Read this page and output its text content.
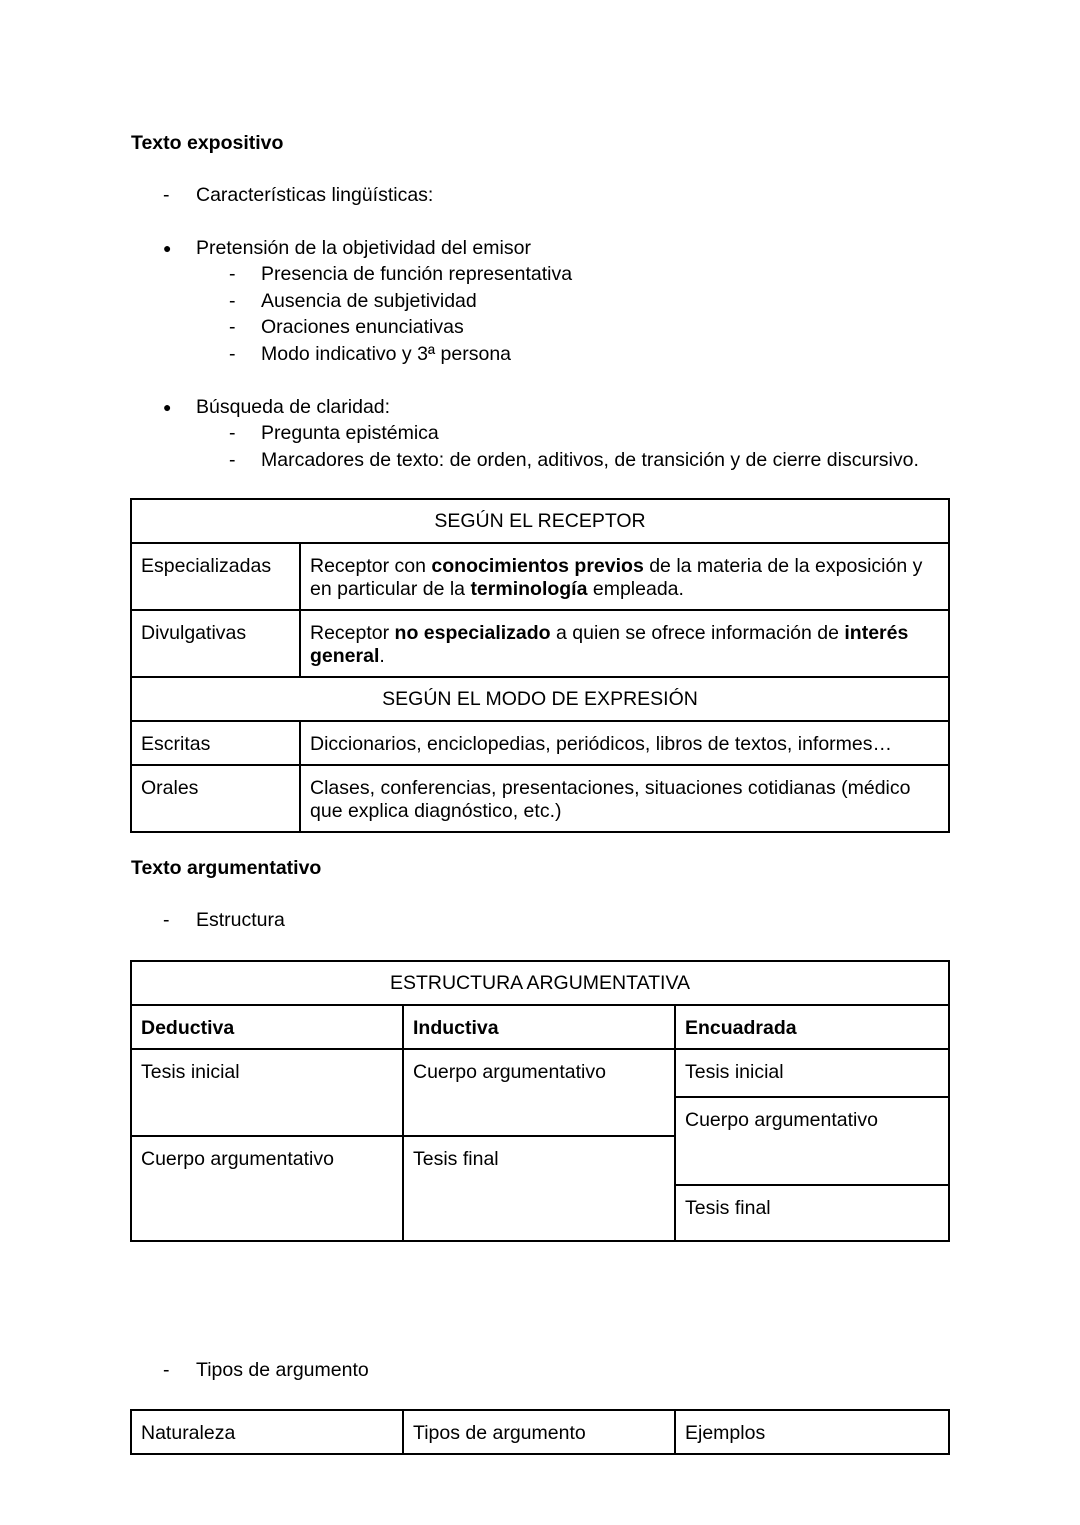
Texto expositivo
- Características lingüísticas:
● Pretensión de la objetividad del emisor
- Presencia de función representativa
- Ausencia de subjetividad
- Oraciones enunciativas
- Modo indicativo y 3ª persona
● Búsqueda de claridad:
- Pregunta epistémica
- Marcadores de texto: de orden, aditivos, de transición y de cierre discursivo.
SEGÚN EL RECEPTOR	
Especializadas	Receptor con conocimientos previos de la materia de la exposición y en particular de la terminología empleada.
Divulgativas	Receptor no especializado a quien se ofrece información de interés general.
SEGÚN EL MODO DE EXPRESIÓN	
Escritas	Diccionarios, enciclopedias, periódicos, libros de textos, informes…
Orales	Clases, conferencias, presentaciones, situaciones cotidianas (médico que explica diagnóstico, etc.)
Texto argumentativo
- Estructura
ESTRUCTURA ARGUMENTATIVA		
Deductiva	Inductiva	Encuadrada
Tesis inicial	Cuerpo argumentativo	Tesis inicial
		Cuerpo argumentativo
Cuerpo argumentativo	Tesis final	
		Tesis final
- Tipos de argumento
Naturaleza	Tipos de argumento	Ejemplos
